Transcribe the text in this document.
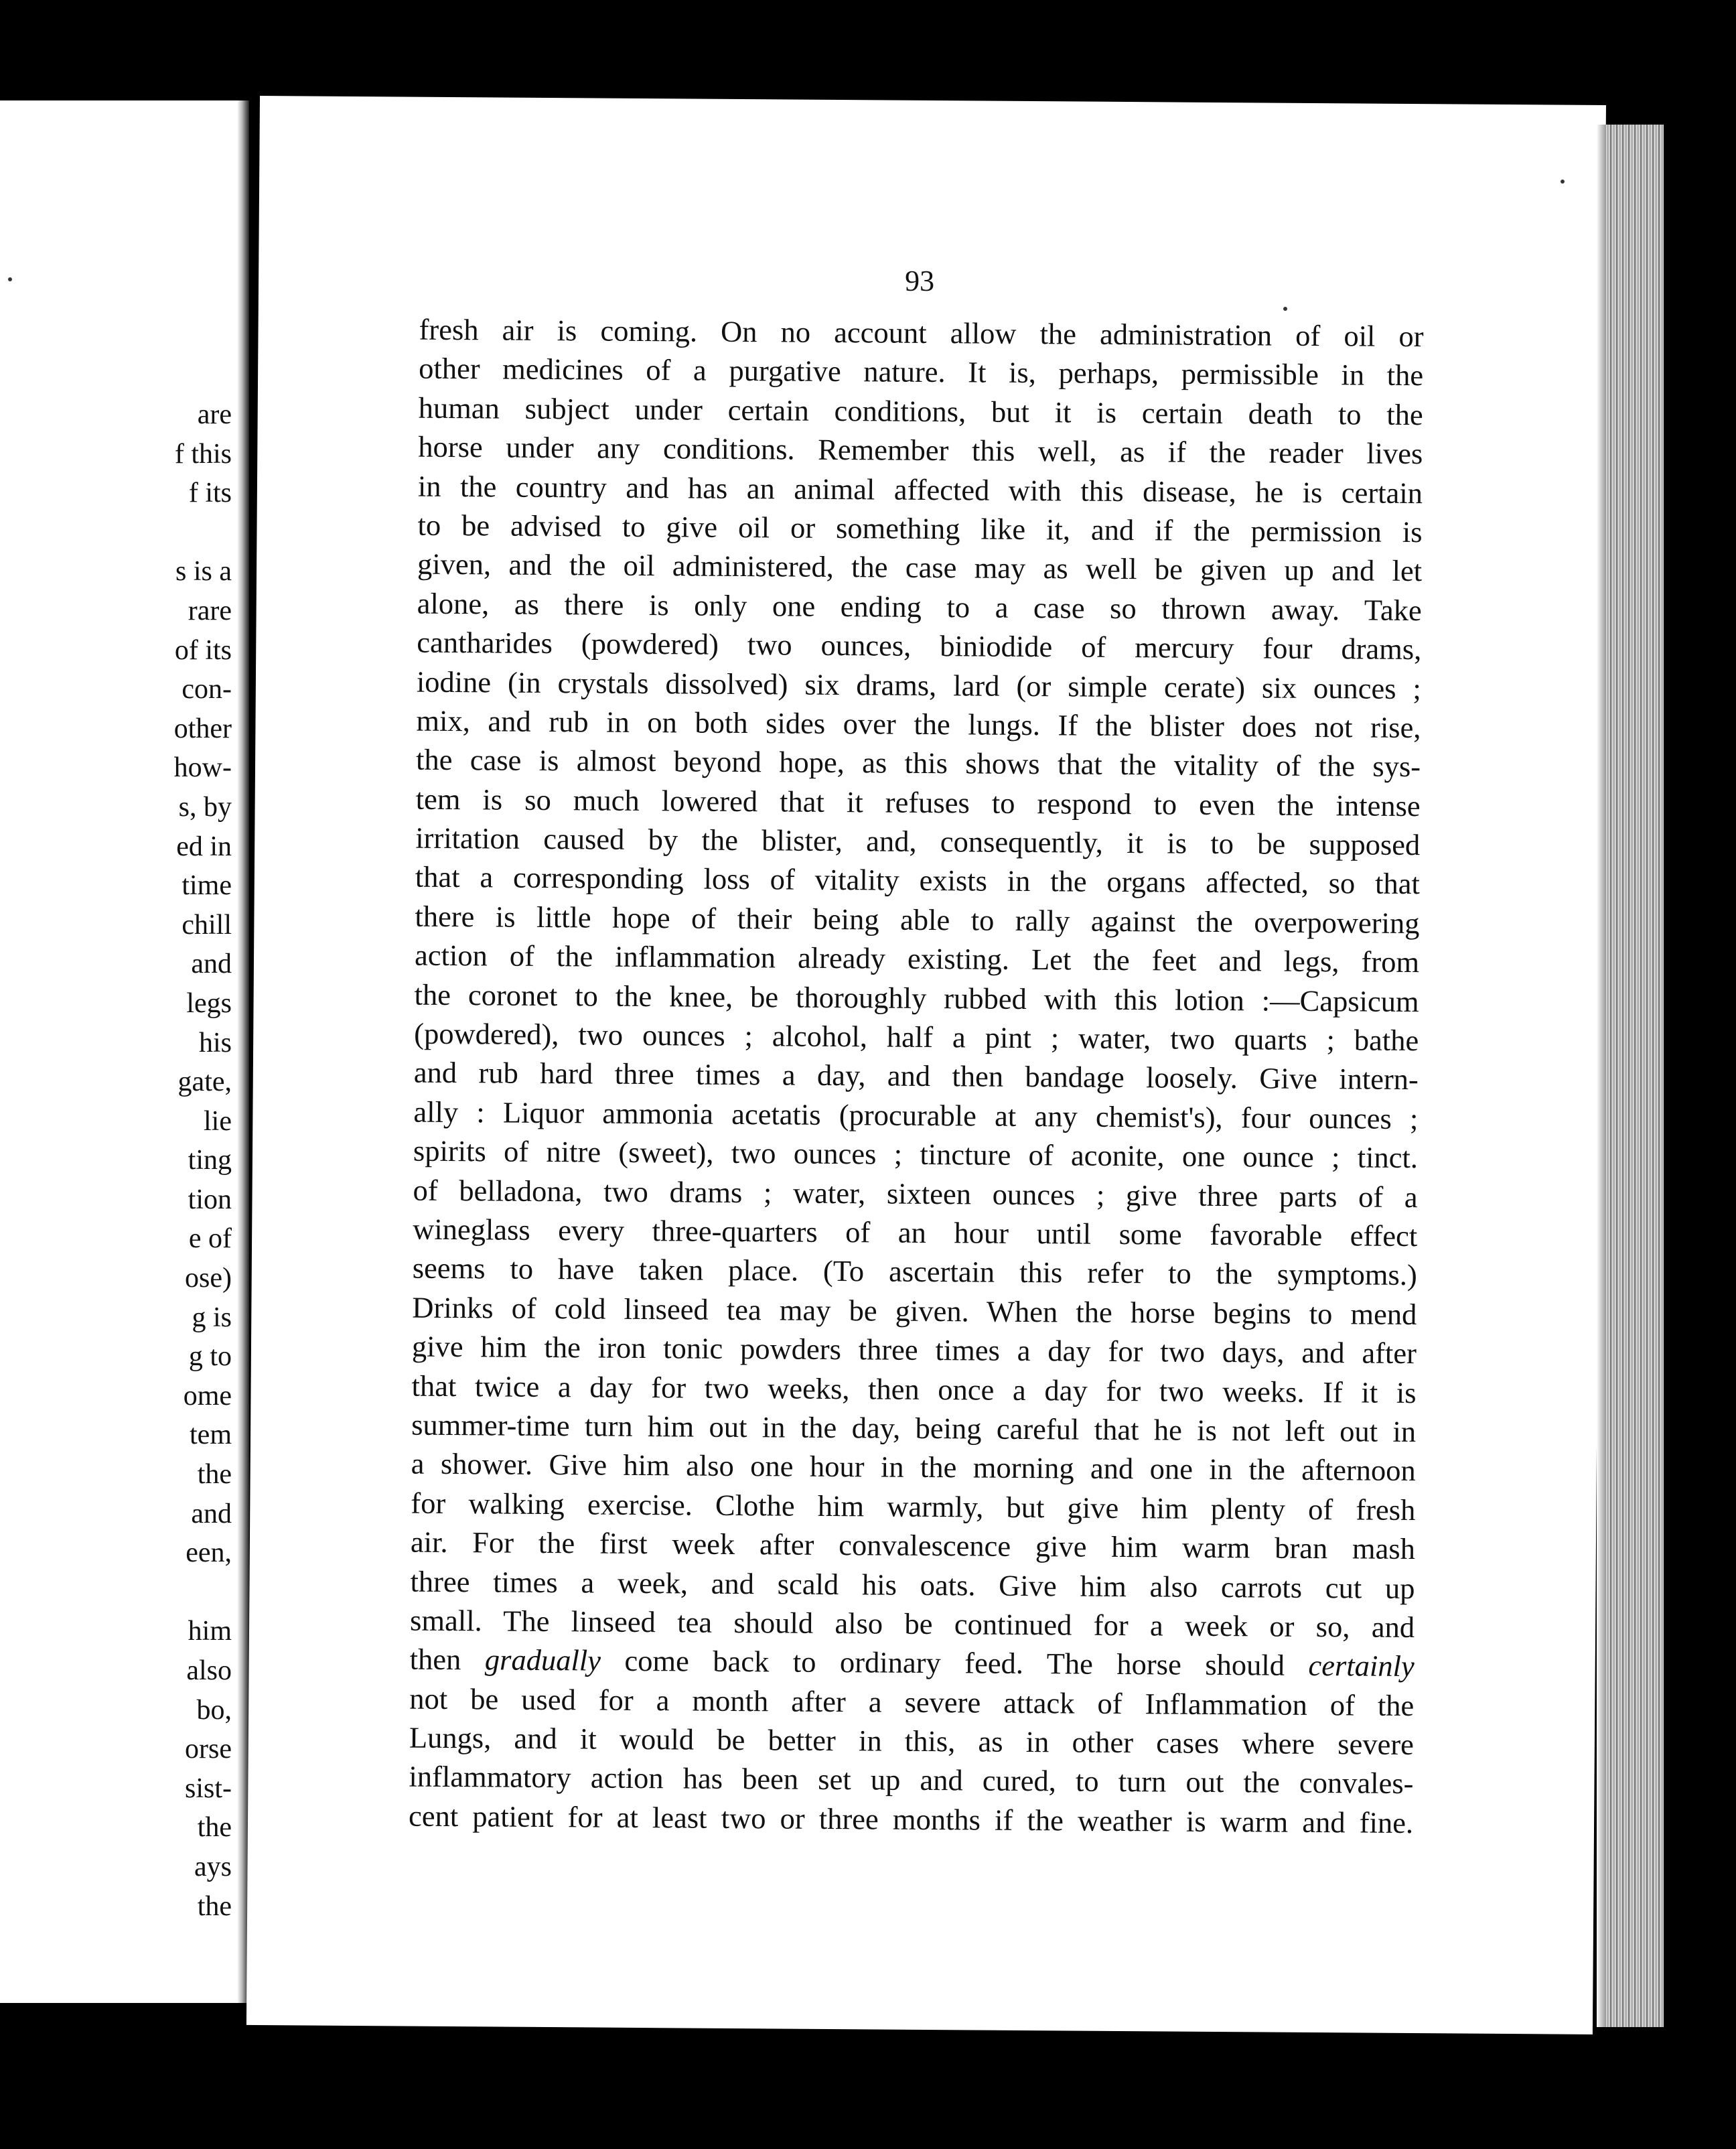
are
f this
f its
s is a
rare
of its
con-
other
how-
s, by
ed in
time
chill
and
legs
his
gate,
lie
ting
tion
e of
ose)
g is
g to
ome
tem
the
and
een,
him
also
bo,
orse
sist-
the
ays
the

93

fresh air is coming. On no account allow the administration of oil or
other medicines of a purgative nature. It is, perhaps, permissible in the
human subject under certain conditions, but it is certain death to the
horse under any conditions. Remember this well, as if the reader lives
in the country and has an animal affected with this disease, he is certain
to be advised to give oil or something like it, and if the permission is
given, and the oil administered, the case may as well be given up and let
alone, as there is only one ending to a case so thrown away. Take
cantharides (powdered) two ounces, biniodide of mercury four drams,
iodine (in crystals dissolved) six drams, lard (or simple cerate) six ounces ;
mix, and rub in on both sides over the lungs. If the blister does not rise,
the case is almost beyond hope, as this shows that the vitality of the sys-
tem is so much lowered that it refuses to respond to even the intense
irritation caused by the blister, and, consequently, it is to be supposed
that a corresponding loss of vitality exists in the organs affected, so that
there is little hope of their being able to rally against the overpowering
action of the inflammation already existing. Let the feet and legs, from
the coronet to the knee, be thoroughly rubbed with this lotion :—Capsicum
(powdered), two ounces ; alcohol, half a pint ; water, two quarts ; bathe
and rub hard three times a day, and then bandage loosely. Give intern-
ally : Liquor ammonia acetatis (procurable at any chemist's), four ounces ;
spirits of nitre (sweet), two ounces ; tincture of aconite, one ounce ; tinct.
of belladona, two drams ; water, sixteen ounces ; give three parts of a
wineglass every three-quarters of an hour until some favorable effect
seems to have taken place. (To ascertain this refer to the symptoms.)
Drinks of cold linseed tea may be given. When the horse begins to mend
give him the iron tonic powders three times a day for two days, and after
that twice a day for two weeks, then once a day for two weeks. If it is
summer-time turn him out in the day, being careful that he is not left out in
a shower. Give him also one hour in the morning and one in the afternoon
for walking exercise. Clothe him warmly, but give him plenty of fresh
air. For the first week after convalescence give him warm bran mash
three times a week, and scald his oats. Give him also carrots cut up
small. The linseed tea should also be continued for a week or so, and
then gradually come back to ordinary feed. The horse should certainly
not be used for a month after a severe attack of Inflammation of the
Lungs, and it would be better in this, as in other cases where severe
inflammatory action has been set up and cured, to turn out the convales-
cent patient for at least two or three months if the weather is warm and fine.
